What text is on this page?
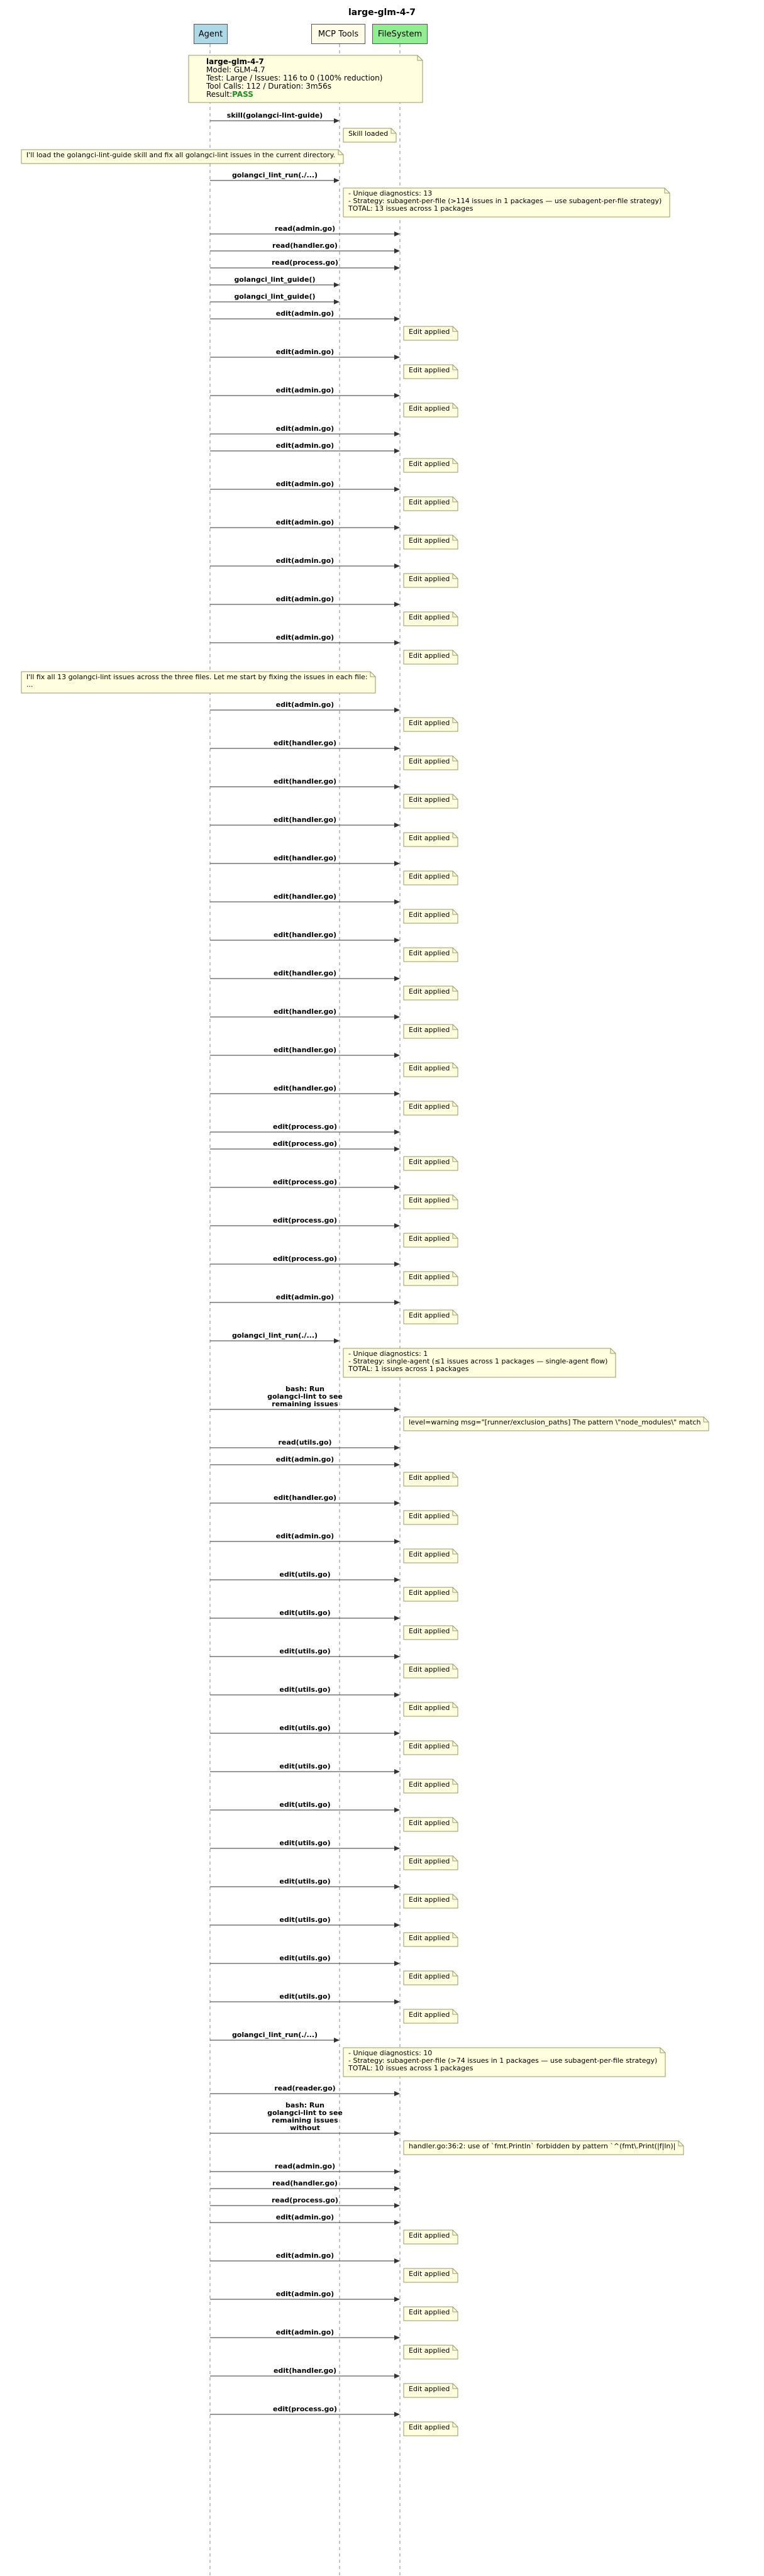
large-glm-4-7
large-glm-4-7
Model: GLM-4.7
Test: Large / Issues: 116 to 0 (100% reduction)
Tool Calls: 112 / Duration: 3m56s
Result: PASS
skill(golangci-lint-guide)
Skill loaded
I'll load the golangci-lint-guide skill and fix all golangci-lint issues in the current directory.
golangci_lint_run(./...)
- Unique diagnostics: 13
- Strategy: subagent-per-file (>114 issues in 1 packages — use subagent-per-file strategy)
TOTAL: 13 issues across 1 packages
read(admin.go)
read(handler.go)
read(process.go)
golangci_lint_guide()
golangci_lint_guide()
edit(admin.go)
Edit applied
edit(admin.go)
Edit applied
edit(admin.go)
Edit applied
edit(admin.go)
edit(admin.go)
Edit applied
edit(admin.go)
Edit applied
edit(admin.go)
Edit applied
edit(admin.go)
Edit applied
edit(admin.go)
Edit applied
edit(admin.go)
Edit applied
I'll fix all 13 golangci-lint issues across the three files. Let me start by fixing the issues in each file:
...
edit(admin.go)
Edit applied
edit(handler.go)
Edit applied
edit(handler.go)
Edit applied
edit(handler.go)
Edit applied
edit(handler.go)
Edit applied
edit(handler.go)
Edit applied
edit(handler.go)
Edit applied
edit(handler.go)
Edit applied
edit(handler.go)
Edit applied
edit(handler.go)
Edit applied
edit(handler.go)
Edit applied
edit(process.go)
edit(process.go)
Edit applied
edit(process.go)
Edit applied
edit(process.go)
Edit applied
edit(process.go)
Edit applied
edit(admin.go)
Edit applied
golangci_lint_run(./...)
- Unique diagnostics: 1
- Strategy: single-agent (≤1 issues across 1 packages — single-agent flow)
TOTAL: 1 issues across 1 packages
bash: Run
golangci-lint to see
remaining issues
level=warning msg="[runner/exclusion_paths] The pattern \"node_modules\" match
read(utils.go)
edit(admin.go)
Edit applied
edit(handler.go)
Edit applied
edit(admin.go)
Edit applied
edit(utils.go)
Edit applied
edit(utils.go)
Edit applied
edit(utils.go)
Edit applied
edit(utils.go)
Edit applied
edit(utils.go)
Edit applied
edit(utils.go)
Edit applied
edit(utils.go)
Edit applied
edit(utils.go)
Edit applied
edit(utils.go)
Edit applied
edit(utils.go)
Edit applied
edit(utils.go)
Edit applied
edit(utils.go)
Edit applied
golangci_lint_run(./...)
- Unique diagnostics: 10
- Strategy: subagent-per-file (>74 issues in 1 packages — use subagent-per-file strategy)
TOTAL: 10 issues across 1 packages
read(reader.go)
bash: Run
golangci-lint to see
remaining issues
without
handler.go:36:2: use of `fmt.Println` forbidden by pattern `^(fmt\.Print(|f|ln)|
read(admin.go)
read(handler.go)
read(process.go)
edit(admin.go)
Edit applied
edit(admin.go)
Edit applied
edit(admin.go)
Edit applied
edit(admin.go)
Edit applied
edit(handler.go)
Edit applied
edit(process.go)
Edit applied
Agent	MCP Tools	FileSystem
